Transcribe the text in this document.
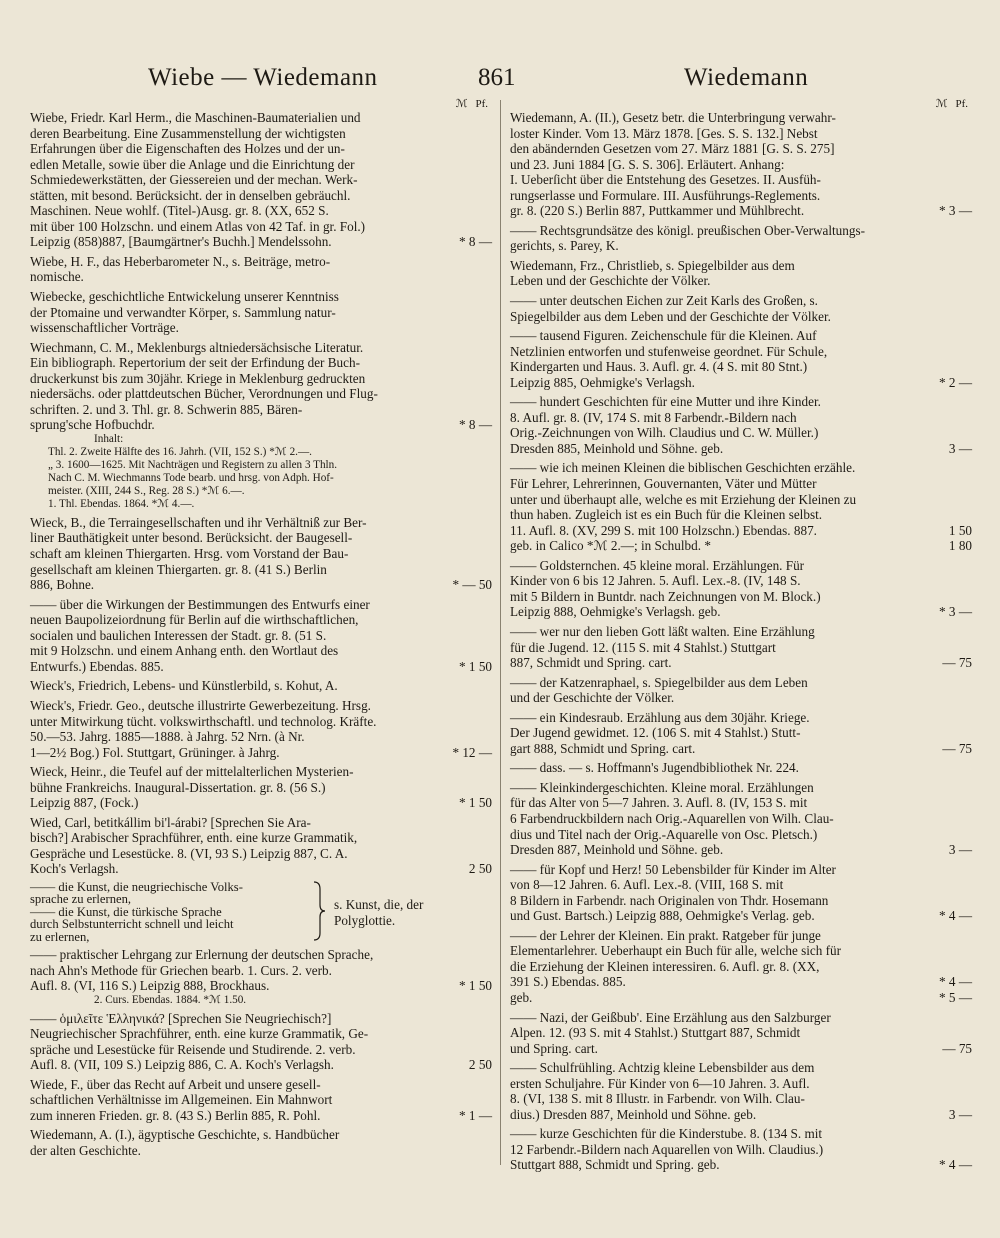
Wiebe — Wiedemann	861	Wiedemann
ℳ Pf.
Wiebe, Friedr. Karl Herm., die Maschinen-Baumaterialien und
deren Bearbeitung. Eine Zusammenstellung der wichtigsten
Erfahrungen über die Eigenschaften des Holzes und der un-
edlen Metalle, sowie über die Anlage und die Einrichtung der
Schmiedewerkstätten, der Giessereien und der mechan. Werk-
stätten, mit besond. Berücksicht. der in denselben gebräuchl.
Maschinen. Neue wohlf. (Titel-)Ausg. gr. 8. (XX, 652 S.
mit über 100 Holzschn. und einem Atlas von 42 Taf. in gr. Fol.)
Leipzig (858)887, [Baumgärtner's Buchh.] Mendelssohn.	* 8 —
Wiebe, H. F., das Heberbarometer N., s. Beiträge, metro-
nomische.
Wiebecke, geschichtliche Entwickelung unserer Kenntniss
der Ptomaine und verwandter Körper, s. Sammlung natur-
wissenschaftlicher Vorträge.
Wiechmann, C. M., Meklenburgs altniedersächsische Literatur.
Ein bibliograph. Repertorium der seit der Erfindung der Buch-
druckerkunst bis zum 30jähr. Kriege in Meklenburg gedruckten
niedersächs. oder plattdeutschen Bücher, Verordnungen und Flug-
schriften. 2. und 3. Thl. gr. 8. Schwerin 885, Bären-
sprung'sche Hofbuchdr.	* 8 —
Inhalt:
Thl. 2. Zweite Hälfte des 16. Jahrh. (VII, 152 S.) *ℳ 2.—.
„ 3. 1600—1625. Mit Nachträgen und Registern zu allen 3 Thln.
Nach C. M. Wiechmanns Tode bearb. und hrsg. von Adph. Hof-
meister. (XIII, 244 S., Reg. 28 S.) *ℳ 6.—.
1. Thl. Ebendas. 1864. *ℳ 4.—.
Wieck, B., die Terraingesellschaften und ihr Verhältniß zur Ber-
liner Bauthätigkeit unter besond. Berücksicht. der Baugesell-
schaft am kleinen Thiergarten. Hrsg. vom Vorstand der Bau-
gesellschaft am kleinen Thiergarten. gr. 8. (41 S.) Berlin
886, Bohne.	* — 50
—— über die Wirkungen der Bestimmungen des Entwurfs einer
neuen Baupolizeiordnung für Berlin auf die wirthschaftlichen,
socialen und baulichen Interessen der Stadt. gr. 8. (51 S.
mit 9 Holzschn. und einem Anhang enth. den Wortlaut des
Entwurfs.) Ebendas. 885.	* 1 50
Wieck's, Friedrich, Lebens- und Künstlerbild, s. Kohut, A.
Wieck's, Friedr. Geo., deutsche illustrirte Gewerbezeitung. Hrsg.
unter Mitwirkung tücht. volkswirthschaftl. und technolog. Kräfte.
50.—53. Jahrg. 1885—1888. à Jahrg. 52 Nrn. (à Nr.
1—2½ Bog.) Fol. Stuttgart, Grüninger. à Jahrg.	* 12 —
Wieck, Heinr., die Teufel auf der mittelalterlichen Mysterien-
bühne Frankreichs. Inaugural-Dissertation. gr. 8. (56 S.)
Leipzig 887, (Fock.)	* 1 50
Wied, Carl, betitkállim bi'l-árabi? [Sprechen Sie Ara-
bisch?] Arabischer Sprachführer, enth. eine kurze Grammatik,
Gespräche und Lesestücke. 8. (VI, 93 S.) Leipzig 887, C. A.
Koch's Verlagsh.	2 50
—— die Kunst, die neugriechische Volks-
sprache zu erlernen,
—— die Kunst, die türkische Sprache
durch Selbstunterricht schnell und leicht
zu erlernen,
s. Kunst, die, der
Polyglottie.
—— praktischer Lehrgang zur Erlernung der deutschen Sprache,
nach Ahn's Methode für Griechen bearb. 1. Curs. 2. verb.
Aufl. 8. (VI, 116 S.) Leipzig 888, Brockhaus.	* 1 50
2. Curs. Ebendas. 1884. *ℳ 1.50.
—— ὁμιλεῖτε Ἑλληνικά? [Sprechen Sie Neugriechisch?]
Neugriechischer Sprachführer, enth. eine kurze Grammatik, Ge-
spräche und Lesestücke für Reisende und Studirende. 2. verb.
Aufl. 8. (VII, 109 S.) Leipzig 886, C. A. Koch's Verlagsh.	2 50
Wiede, F., über das Recht auf Arbeit und unsere gesell-
schaftlichen Verhältnisse im Allgemeinen. Ein Mahnwort
zum inneren Frieden. gr. 8. (43 S.) Berlin 885, R. Pohl.	* 1 —
Wiedemann, A. (I.), ägyptische Geschichte, s. Handbücher
der alten Geschichte.
ℳ Pf.
Wiedemann, A. (II.), Gesetz betr. die Unterbringung verwahr-
loster Kinder. Vom 13. März 1878. [Ges. S. S. 132.] Nebst
den abändernden Gesetzen vom 27. März 1881 [G. S. S. 275]
und 23. Juni 1884 [G. S. S. 306]. Erläutert. Anhang:
I. Ueberſicht über die Entstehung des Gesetzes. II. Ausfüh-
rungserlasse und Formulare. III. Ausführungs-Reglements.
gr. 8. (220 S.) Berlin 887, Puttkammer und Mühlbrecht.	* 3 —
—— Rechtsgrundsätze des königl. preußischen Ober-Verwaltungs-
gerichts, s. Parey, K.
Wiedemann, Frz., Christlieb, s. Spiegelbilder aus dem
Leben und der Geschichte der Völker.
—— unter deutschen Eichen zur Zeit Karls des Großen, s.
Spiegelbilder aus dem Leben und der Geschichte der Völker.
—— tausend Figuren. Zeichenschule für die Kleinen. Auf
Netzlinien entworfen und stufenweise geordnet. Für Schule,
Kindergarten und Haus. 3. Aufl. gr. 4. (4 S. mit 80 Stnt.)
Leipzig 885, Oehmigke's Verlagsh.	* 2 —
—— hundert Geschichten für eine Mutter und ihre Kinder.
8. Aufl. gr. 8. (IV, 174 S. mit 8 Farbendr.-Bildern nach
Orig.-Zeichnungen von Wilh. Claudius und C. W. Müller.)
Dresden 885, Meinhold und Söhne. geb.	3 —
—— wie ich meinen Kleinen die biblischen Geschichten erzähle.
Für Lehrer, Lehrerinnen, Gouvernanten, Väter und Mütter
unter und überhaupt alle, welche es mit Erziehung der Kleinen zu
thun haben. Zugleich ist es ein Buch für die Kleinen selbst.
11. Aufl. 8. (XV, 299 S. mit 100 Holzschn.) Ebendas. 887.	1 50
geb. in Calico *ℳ 2.—; in Schulbd. *	1 80
—— Goldsternchen. 45 kleine moral. Erzählungen. Für
Kinder von 6 bis 12 Jahren. 5. Aufl. Lex.-8. (IV, 148 S.
mit 5 Bildern in Buntdr. nach Zeichnungen von M. Block.)
Leipzig 888, Oehmigke's Verlagsh. geb.	* 3 —
—— wer nur den lieben Gott läßt walten. Eine Erzählung
für die Jugend. 12. (115 S. mit 4 Stahlst.) Stuttgart
887, Schmidt und Spring. cart.	— 75
—— der Katzenraphael, s. Spiegelbilder aus dem Leben
und der Geschichte der Völker.
—— ein Kindesraub. Erzählung aus dem 30jähr. Kriege.
Der Jugend gewidmet. 12. (106 S. mit 4 Stahlst.) Stutt-
gart 888, Schmidt und Spring. cart.	— 75
—— dass. — s. Hoffmann's Jugendbibliothek Nr. 224.
—— Kleinkindergeschichten. Kleine moral. Erzählungen
für das Alter von 5—7 Jahren. 3. Aufl. 8. (IV, 153 S. mit
6 Farbendruckbildern nach Orig.-Aquarellen von Wilh. Clau-
dius und Titel nach der Orig.-Aquarelle von Osc. Pletsch.)
Dresden 887, Meinhold und Söhne. geb.	3 —
—— für Kopf und Herz! 50 Lebensbilder für Kinder im Alter
von 8—12 Jahren. 6. Aufl. Lex.-8. (VIII, 168 S. mit
8 Bildern in Farbendr. nach Originalen von Thdr. Hosemann
und Gust. Bartsch.) Leipzig 888, Oehmigke's Verlag. geb.	* 4 —
—— der Lehrer der Kleinen. Ein prakt. Ratgeber für junge
Elementarlehrer. Ueberhaupt ein Buch für alle, welche sich für
die Erziehung der Kleinen interessiren. 6. Aufl. gr. 8. (XX,
391 S.) Ebendas. 885.	* 4 —
geb.	* 5 —
—— Nazi, der Geißbub'. Eine Erzählung aus den Salzburger
Alpen. 12. (93 S. mit 4 Stahlst.) Stuttgart 887, Schmidt
und Spring. cart.	— 75
—— Schulfrühling. Achtzig kleine Lebensbilder aus dem
ersten Schuljahre. Für Kinder von 6—10 Jahren. 3. Aufl.
8. (VI, 138 S. mit 8 Illustr. in Farbendr. von Wilh. Clau-
dius.) Dresden 887, Meinhold und Söhne. geb.	3 —
—— kurze Geschichten für die Kinderstube. 8. (134 S. mit
12 Farbendr.-Bildern nach Aquarellen von Wilh. Claudius.)
Stuttgart 888, Schmidt und Spring. geb.	* 4 —
